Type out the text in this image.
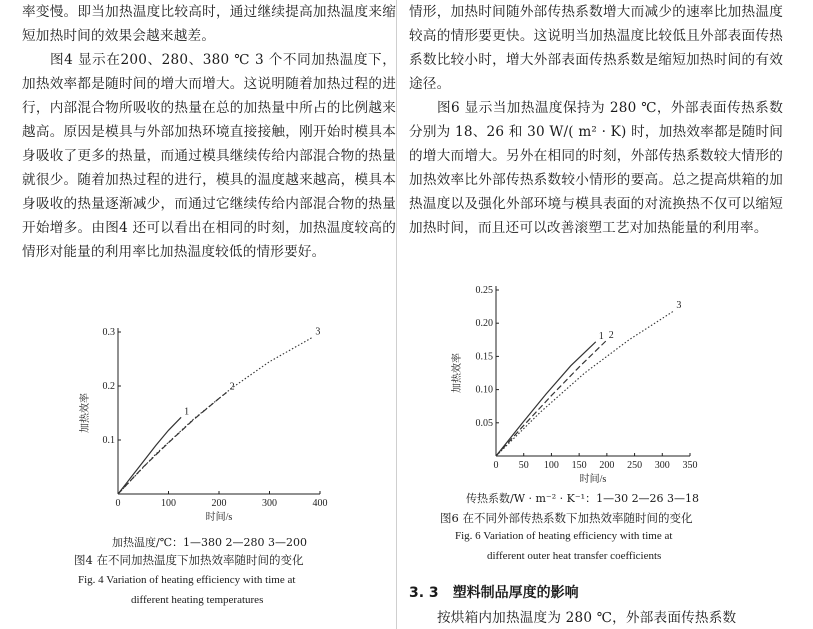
率变慢。即当加热温度比较高时，通过继续提高加热温度来缩短加热时间的效果会越来越差。

图4 显示在200、280、380 ℃ 3 个不同加热温度下，加热效率都是随时间的增大而增大。这说明随着加热过程的进行，内部混合物所吸收的热量在总的加热量中所占的比例越来越高。原因是模具与外部加热环境直接接触，刚开始时模具本身吸收了更多的热量，而通过模具继续传给内部混合物的热量就很少。随着加热过程的进行，模具的温度越来越高，模具本身吸收的热量逐渐减少，而通过它继续传给内部混合物的热量开始增多。由图4 还可以看出在相同的时刻，加热温度较高的情形对能量的利用率比加热温度较低的情形要好。

情形，加热时间随外部传热系数增大而减少的速率比加热温度较高的情形要更快。这说明当加热温度比较低且外部表面传热系数比较小时，增大外部表面传热系数是缩短加热时间的有效途径。

图6 显示当加热温度保持为 280 ℃，外部表面传热系数分别为 18、26 和 30 W/( m² · K) 时，加热效率都是随时间的增大而增大。另外在相同的时刻，外部传热系数较大情形的加热效率比外部传热系数较小情形的要高。总之提高烘箱的加热温度以及强化外部环境与模具表面的对流换热不仅可以缩短加热时间，而且还可以改善滚塑工艺对加热能量的利用率。

0	100	200	300	400
0.1
0.2
0.3
1
2
3
时间/s
加热效率
加热温度/℃：1—380 2—280 3—200
图4 在不同加热温度下加热效率随时间的变化
Fig. 4 Variation of heating efficiency with time at
different heating temperatures
0 50 100 150 200 250 300 350
0.05
0.10
0.15
0.20
0.25
1 2
3
时间/s
加热效率
传热系数/W · m⁻² · K⁻¹：1—30 2—26 3—18
图6 在不同外部传热系数下加热效率随时间的变化
Fig. 6 Variation of heating efficiency with time at
different outer heat transfer coefficients
3. 3 塑料制品厚度的影响
按烘箱内加热温度为 280 ℃，外部表面传热系数
